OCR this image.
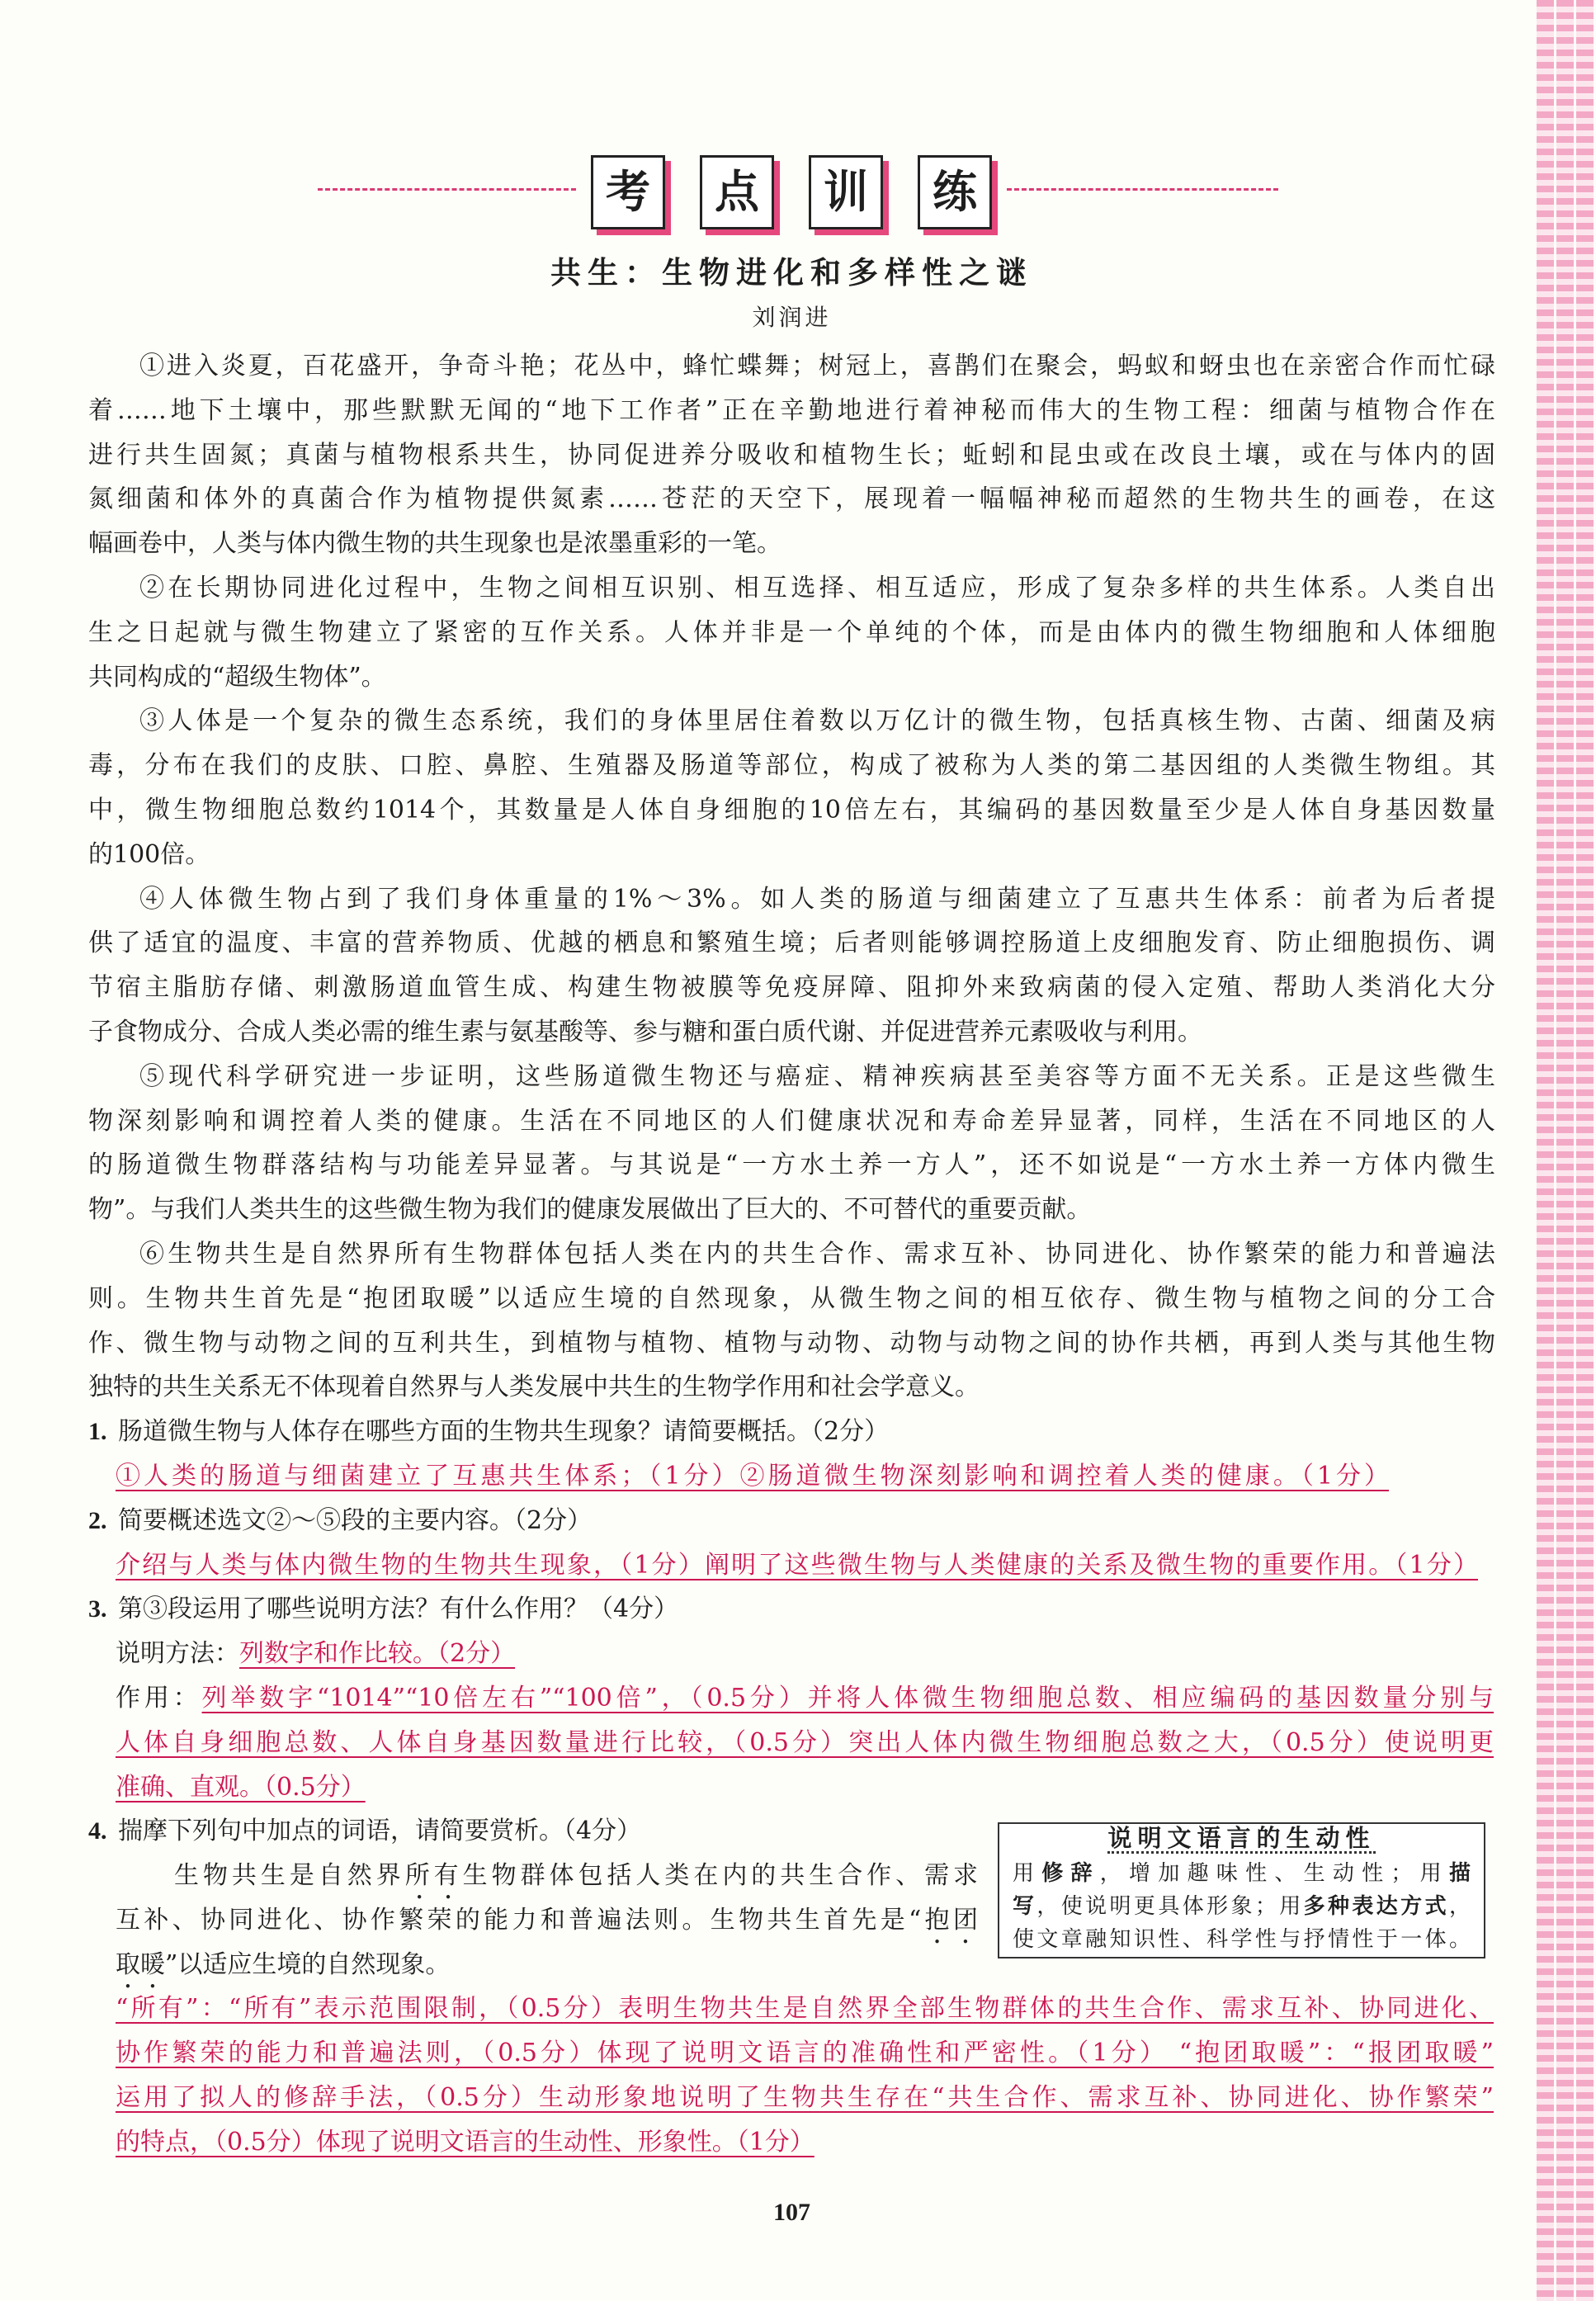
考	点	训	练
共生：生物进化和多样性之谜
刘润进
①进入炎夏，百花盛开，争奇斗艳；花丛中，蜂忙蝶舞；树冠上，喜鹊们在聚会，蚂蚁和蚜虫也在亲密合作而忙碌
着……地下土壤中，那些默默无闻的“地下工作者”正在辛勤地进行着神秘而伟大的生物工程：细菌与植物合作在
进行共生固氮；真菌与植物根系共生，协同促进养分吸收和植物生长；蚯蚓和昆虫或在改良土壤，或在与体内的固
氮细菌和体外的真菌合作为植物提供氮素……苍茫的天空下，展现着一幅幅神秘而超然的生物共生的画卷，在这
幅画卷中，人类与体内微生物的共生现象也是浓墨重彩的一笔。
②在长期协同进化过程中，生物之间相互识别、相互选择、相互适应，形成了复杂多样的共生体系。人类自出
生之日起就与微生物建立了紧密的互作关系。人体并非是一个单纯的个体，而是由体内的微生物细胞和人体细胞
共同构成的“超级生物体”。
③人体是一个复杂的微生态系统，我们的身体里居住着数以万亿计的微生物，包括真核生物、古菌、细菌及病
毒，分布在我们的皮肤、口腔、鼻腔、生殖器及肠道等部位，构成了被称为人类的第二基因组的人类微生物组。其
中，微生物细胞总数约1014个，其数量是人体自身细胞的10倍左右，其编码的基因数量至少是人体自身基因数量
的100倍。
④人体微生物占到了我们身体重量的1%～3%。如人类的肠道与细菌建立了互惠共生体系：前者为后者提
供了适宜的温度、丰富的营养物质、优越的栖息和繁殖生境；后者则能够调控肠道上皮细胞发育、防止细胞损伤、调
节宿主脂肪存储、刺激肠道血管生成、构建生物被膜等免疫屏障、阻抑外来致病菌的侵入定殖、帮助人类消化大分
子食物成分、合成人类必需的维生素与氨基酸等、参与糖和蛋白质代谢、并促进营养元素吸收与利用。
⑤现代科学研究进一步证明，这些肠道微生物还与癌症、精神疾病甚至美容等方面不无关系。正是这些微生
物深刻影响和调控着人类的健康。生活在不同地区的人们健康状况和寿命差异显著，同样，生活在不同地区的人
的肠道微生物群落结构与功能差异显著。与其说是“一方水土养一方人”，还不如说是“一方水土养一方体内微生
物”。与我们人类共生的这些微生物为我们的健康发展做出了巨大的、不可替代的重要贡献。
⑥生物共生是自然界所有生物群体包括人类在内的共生合作、需求互补、协同进化、协作繁荣的能力和普遍法
则。生物共生首先是“抱团取暖”以适应生境的自然现象，从微生物之间的相互依存、微生物与植物之间的分工合
作、微生物与动物之间的互利共生，到植物与植物、植物与动物、动物与动物之间的协作共栖，再到人类与其他生物
独特的共生关系无不体现着自然界与人类发展中共生的生物学作用和社会学意义。
1. 肠道微生物与人体存在哪些方面的生物共生现象？请简要概括。（2分）
①人类的肠道与细菌建立了互惠共生体系；（1分）②肠道微生物深刻影响和调控着人类的健康。（1分）
2. 简要概述选文②～⑤段的主要内容。（2分）
介绍与人类与体内微生物的生物共生现象，（1分）阐明了这些微生物与人类健康的关系及微生物的重要作用。（1分）
3. 第③段运用了哪些说明方法？有什么作用？（4分）
说明方法：列数字和作比较。（2分）
作用：列举数字“1014”“10倍左右”“100倍”，（0.5分）并将人体微生物细胞总数、相应编码的基因数量分别与
人体自身细胞总数、人体自身基因数量进行比较，（0.5分）突出人体内微生物细胞总数之大，（0.5分）使说明更
准确、直观。（0.5分）
4. 揣摩下列句中加点的词语，请简要赏析。（4分）
生物共生是自然界所有生物群体包括人类在内的共生合作、需求
互补、协同进化、协作繁荣的能力和普遍法则。生物共生首先是“抱团
取暖”以适应生境的自然现象。
“所有”：“所有”表示范围限制，（0.5分）表明生物共生是自然界全部生物群体的共生合作、需求互补、协同进化、
协作繁荣的能力和普遍法则，（0.5分）体现了说明文语言的准确性和严密性。（1分） “抱团取暖”：“报团取暖”
运用了拟人的修辞手法，（0.5分）生动形象地说明了生物共生存在“共生合作、需求互补、协同进化、协作繁荣”
的特点，（0.5分）体现了说明文语言的生动性、形象性。（1分）
说明文语言的生动性
用修辞，增加趣味性、生动性；用描
写，使说明更具体形象；用多种表达方式，
使文章融知识性、科学性与抒情性于一体。
107
